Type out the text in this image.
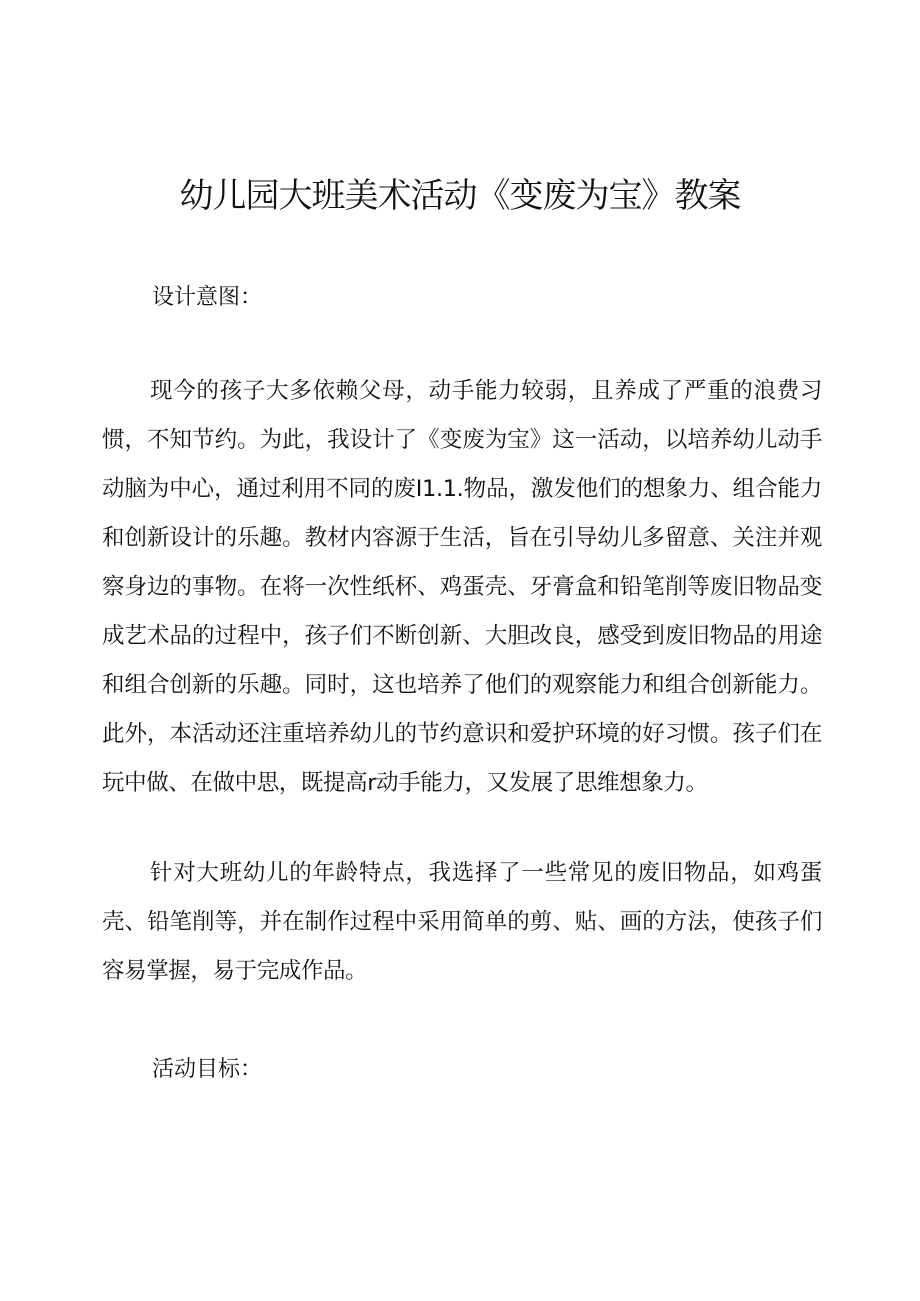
幼儿园大班美术活动《变废为宝》教案

设计意图：

现今的孩子大多依赖父母，动手能力较弱，且养成了严重的浪费习惯，不知节约。为此，我设计了《变废为宝》这一活动，以培养幼儿动手动脑为中心，通过利用不同的废I1.1.物品，激发他们的想象力、组合能力和创新设计的乐趣。教材内容源于生活，旨在引导幼儿多留意、关注并观察身边的事物。在将一次性纸杯、鸡蛋壳、牙膏盒和铅笔削等废旧物品变成艺术品的过程中，孩子们不断创新、大胆改良，感受到废旧物品的用途和组合创新的乐趣。同时，这也培养了他们的观察能力和组合创新能力。此外，本活动还注重培养幼儿的节约意识和爱护环境的好习惯。孩子们在玩中做、在做中思，既提高r动手能力，又发展了思维想象力。

针对大班幼儿的年龄特点，我选择了一些常见的废旧物品，如鸡蛋壳、铅笔削等，并在制作过程中采用简单的剪、贴、画的方法，使孩子们容易掌握，易于完成作品。

活动目标：
